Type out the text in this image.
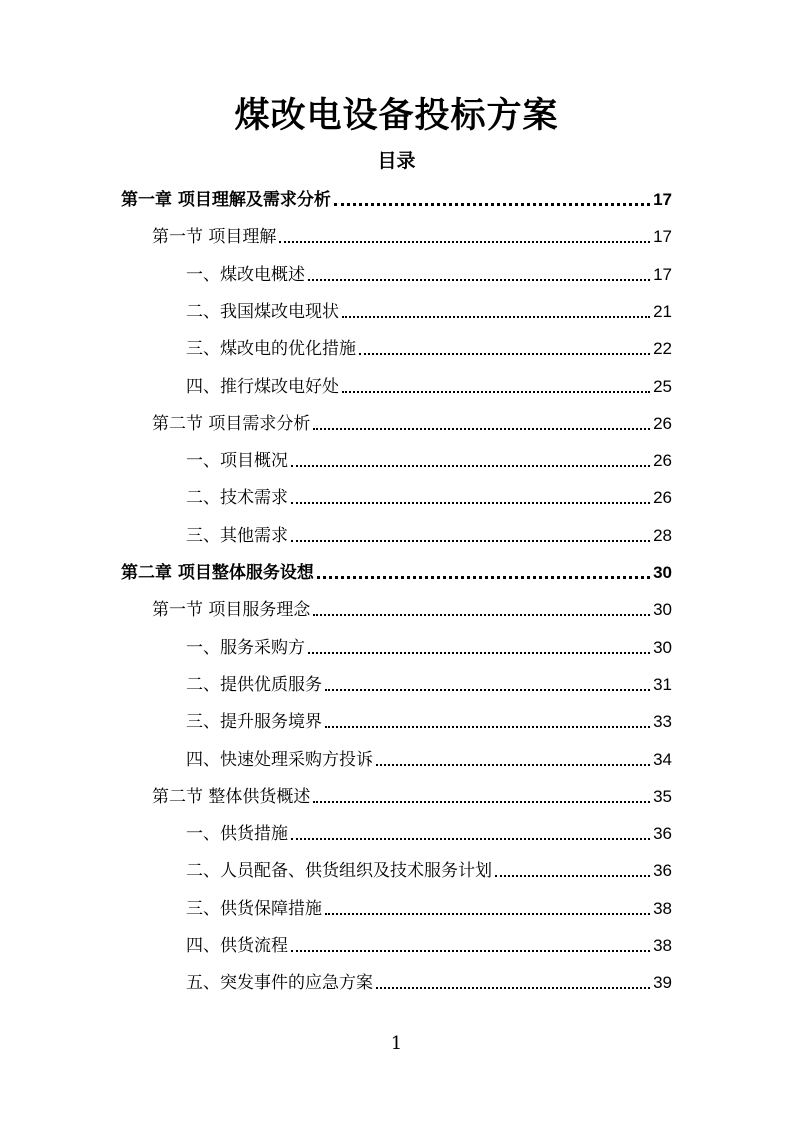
煤改电设备投标方案
目录
第一章 项目理解及需求分析	17
第一节 项目理解	17
一、煤改电概述	17
二、我国煤改电现状	21
三、煤改电的优化措施	22
四、推行煤改电好处	25
第二节 项目需求分析	26
一、项目概况	26
二、技术需求	26
三、其他需求	28
第二章 项目整体服务设想	30
第一节 项目服务理念	30
一、服务采购方	30
二、提供优质服务	31
三、提升服务境界	33
四、快速处理采购方投诉	34
第二节 整体供货概述	35
一、供货措施	36
二、人员配备、供货组织及技术服务计划	36
三、供货保障措施	38
四、供货流程	38
五、突发事件的应急方案	39
1
